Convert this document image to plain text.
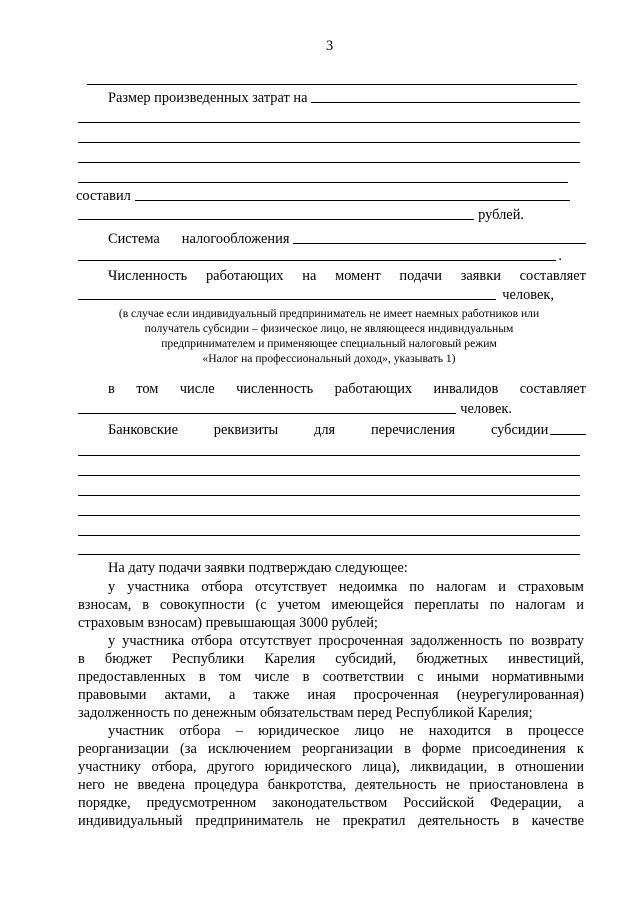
3
Размер произведенных затрат на
составил
рублей.
Система налогообложения
.
Численность работающих на момент подачи заявки составляет
человек,
(в случае если индивидуальный предприниматель не имеет наемных работников или
получатель субсидии – физическое лицо, не являющееся индивидуальным
предпринимателем и применяющее специальный налоговый режим
«Налог на профессиональный доход», указывать 1)
в том числе численность работающих инвалидов составляет
человек.
Банковские реквизиты для перечисления субсидии
На дату подачи заявки подтверждаю следующее:
у участника отбора отсутствует недоимка по налогам и страховым
взносам, в совокупности (с учетом имеющейся переплаты по налогам и
страховым взносам) превышающая 3000 рублей;
у участника отбора отсутствует просроченная задолженность по возврату
в бюджет Республики Карелия субсидий, бюджетных инвестиций,
предоставленных в том числе в соответствии с иными нормативными
правовыми актами, а также иная просроченная (неурегулированная)
задолженность по денежным обязательствам перед Республикой Карелия;
участник отбора – юридическое лицо не находится в процессе
реорганизации (за исключением реорганизации в форме присоединения к
участнику отбора, другого юридического лица), ликвидации, в отношении
него не введена процедура банкротства, деятельность не приостановлена в
порядке, предусмотренном законодательством Российской Федерации, а
индивидуальный предприниматель не прекратил деятельность в качестве
